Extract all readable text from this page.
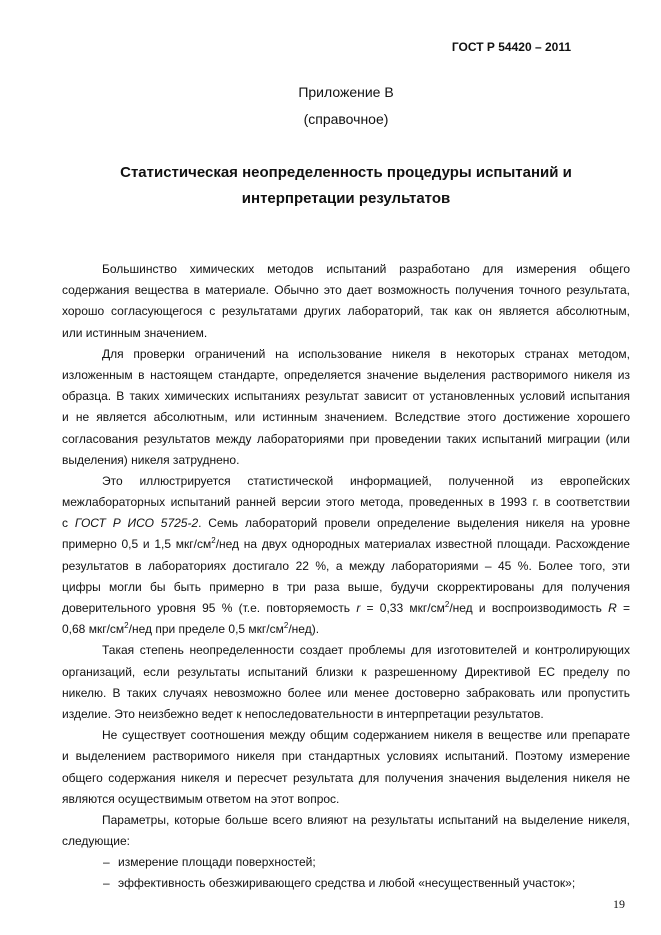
ГОСТ Р 54420 – 2011
Приложение В
(справочное)
Статистическая неопределенность процедуры испытаний и
интерпретации результатов
Большинство химических методов испытаний разработано для измерения общего
содержания вещества в материале. Обычно это дает возможность получения точного результата,
хорошо согласующегося с результатами других лабораторий, так как он является абсолютным,
или истинным значением.
Для проверки ограничений на использование никеля в некоторых странах методом,
изложенным в настоящем стандарте, определяется значение выделения растворимого никеля из
образца. В таких химических испытаниях результат зависит от установленных условий испытания
и не является абсолютным, или истинным значением. Вследствие этого достижение хорошего
согласования результатов между лабораториями при проведении таких испытаний миграции (или
выделения) никеля затруднено.
Это иллюстрируется статистической информацией, полученной из европейских
межлабораторных испытаний ранней версии этого метода, проведенных в 1993 г. в соответствии
с ГОСТ Р ИСО 5725-2. Семь лабораторий провели определение выделения никеля на уровне
примерно 0,5 и 1,5 мкг/$см^2$/нед на двух однородных материалах известной площади. Расхождение
результатов в лабораториях достигало 22 %, а между лабораториями – 45 %. Более того, эти
цифры могли бы быть примерно в три раза выше, будучи скорректированы для получения
доверительного уровня 95 % (т.е. повторяемость r = 0,33 мкг/$см^2$/нед и воспроизводимость R =
0,68 мкг/$см^2$/нед при пределе 0,5 мкг/$см^2/нед$).
Такая степень неопределенности создает проблемы для изготовителей и контролирующих
организаций, если результаты испытаний близки к разрешенному Директивой ЕС пределу по
никелю. В таких случаях невозможно более или менее достоверно забраковать или пропустить
изделие. Это неизбежно ведет к непоследовательности в интерпретации результатов.
Не существует соотношения между общим содержанием никеля в веществе или препарате
и выделением растворимого никеля при стандартных условиях испытаний. Поэтому измерение
общего содержания никеля и пересчет результата для получения значения выделения никеля не
являются осуществимым ответом на этот вопрос.
Параметры, которые больше всего влияют на результаты испытаний на выделение никеля,
следующие:
– измерение площади поверхностей;
– эффективность обезжиривающего средства и любой «несущественный участок»;
19
